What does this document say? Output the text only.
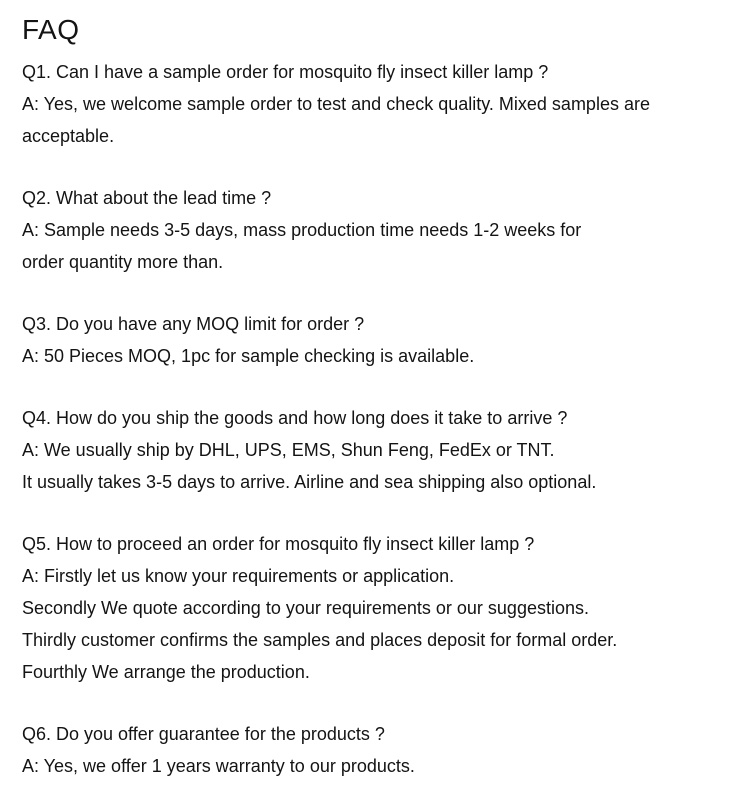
FAQ

Q1. Can I have a sample order for mosquito fly insect killer lamp ?

A: Yes, we welcome sample order to test and check quality. Mixed samples are

acceptable.

Q2. What about the lead time ?

A: Sample needs 3-5 days, mass production time needs 1-2 weeks for

order quantity more than.

Q3. Do you have any MOQ limit for order ?

A: 50 Pieces MOQ, 1pc for sample checking is available.

Q4. How do you ship the goods and how long does it take to arrive ?

A: We usually ship by DHL, UPS, EMS, Shun Feng, FedEx or TNT.

It usually takes 3-5 days to arrive. Airline and sea shipping also optional.

Q5. How to proceed an order for mosquito fly insect killer lamp ?

A: Firstly let us know your requirements or application.

Secondly We quote according to your requirements or our suggestions.

Thirdly customer confirms the samples and places deposit for formal order.

Fourthly We arrange the production.

Q6. Do you offer guarantee for the products ?

A: Yes, we offer 1 years warranty to our products.
